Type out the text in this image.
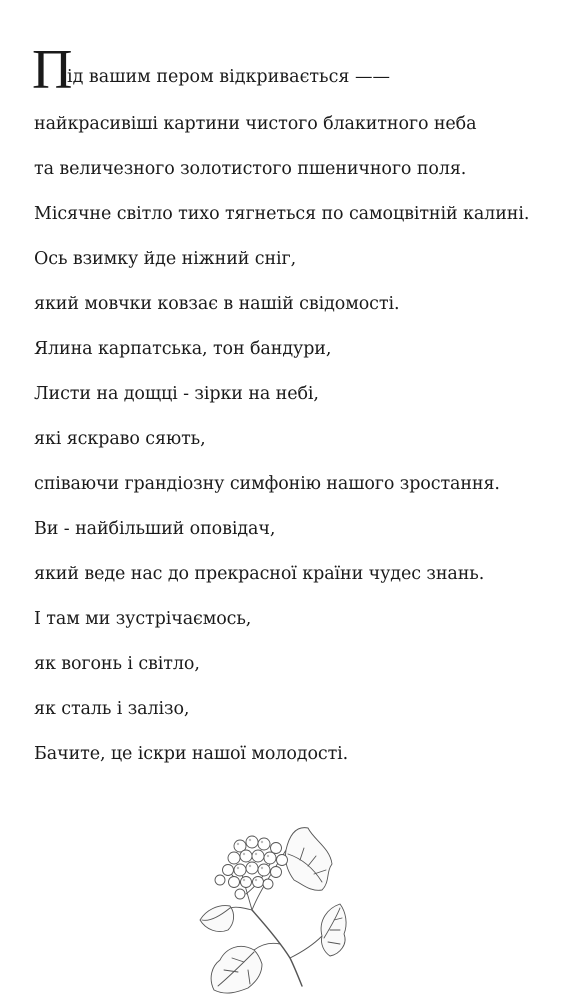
П
ід вашим пером відкривається ——
найкрасивіші картини чистого блакитного неба
та величезного золотистого пшеничного поля.
Місячне світло тихо тягнеться по самоцвітній калині.
Ось взимку йде ніжний сніг,
який мовчки ковзає в нашій свідомості.
Ялина карпатська, тон бандури,
Листи на дощці - зірки на небі,
які яскраво сяють,
співаючи грандіозну симфонію нашого зростання.
Ви - найбільший оповідач,
який веде нас до прекрасної країни чудес знань.
І там ми зустрічаємось,
як вогонь і світло,
як сталь і залізо,
Бачите, це іскри нашої молодості.
